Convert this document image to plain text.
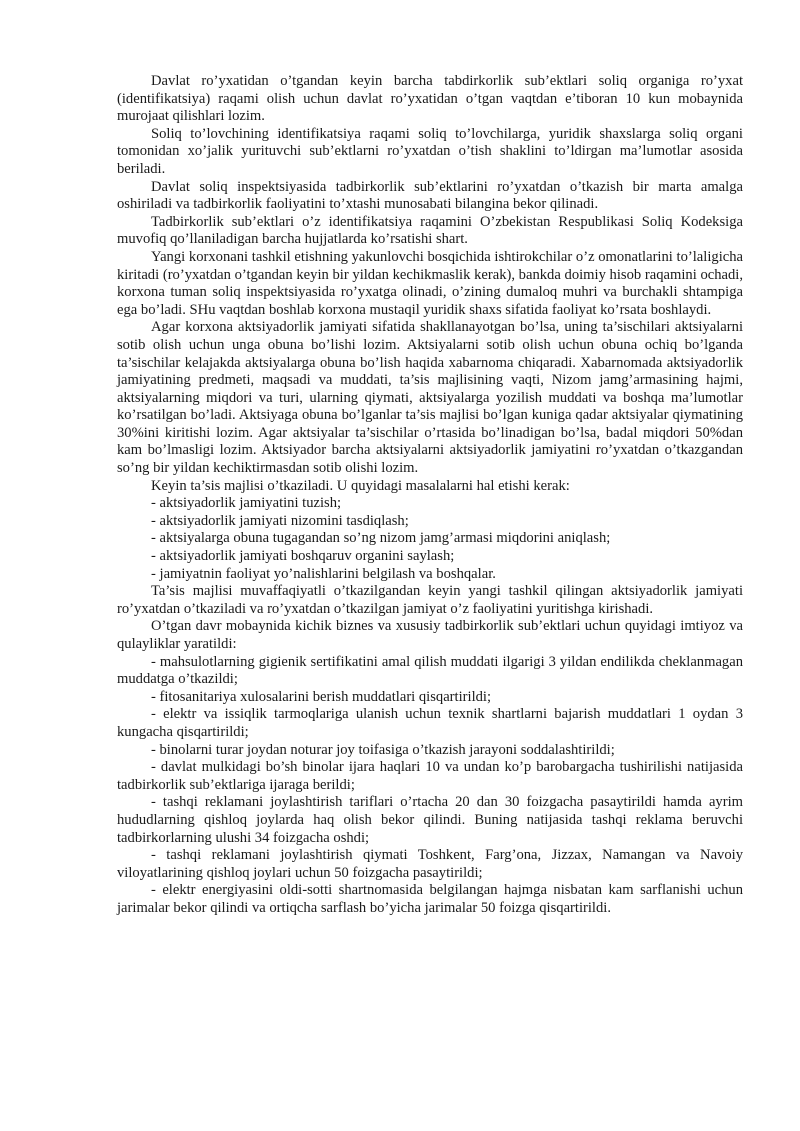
Davlat ro’yxatidan o’tgandan keyin barcha tabdirkorlik sub’ektlari soliq organiga ro’yxat (identifikatsiya) raqami olish uchun davlat ro’yxatidan o’tgan vaqtdan e’tiboran 10 kun mobaynida murojaat qilishlari lozim.

Soliq to’lovchining identifikatsiya raqami soliq to’lovchilarga, yuridik shaxslarga soliq organi tomonidan xo’jalik yurituvchi sub’ektlarni ro’yxatdan o’tish shaklini to’ldirgan ma’lumotlar asosida beriladi.

Davlat soliq inspektsiyasida tadbirkorlik sub’ektlarini ro’yxatdan o’tkazish bir marta amalga oshiriladi va tadbirkorlik faoliyatini to’xtashi munosabati bilangina bekor qilinadi.

Tadbirkorlik sub’ektlari o’z identifikatsiya raqamini O’zbekistan Respublikasi Soliq Kodeksiga muvofiq qo’llaniladigan barcha hujjatlarda ko’rsatishi shart.

Yangi korxonani tashkil etishning yakunlovchi bosqichida ishtirokchilar o’z omonatlarini to’laligicha kiritadi (ro’yxatdan o’tgandan keyin bir yildan kechikmaslik kerak), bankda doimiy hisob raqamini ochadi, korxona tuman soliq inspektsiyasida ro’yxatga olinadi, o’zining dumaloq muhri va burchakli shtampiga ega bo’ladi. SHu vaqtdan boshlab korxona mustaqil yuridik shaxs sifatida faoliyat ko’rsata boshlaydi.

Agar korxona aktsiyadorlik jamiyati sifatida shakllanayotgan bo’lsa, uning ta’sischilari aktsiyalarni sotib olish uchun unga obuna bo’lishi lozim. Aktsiyalarni sotib olish uchun obuna ochiq bo’lganda ta’sischilar kelajakda aktsiyalarga obuna bo’lish haqida xabarnoma chiqaradi. Xabarnomada aktsiyadorlik jamiyatining predmeti, maqsadi va muddati, ta’sis majlisining vaqti, Nizom jamg’armasining hajmi, aktsiyalarning miqdori va turi, ularning qiymati, aktsiyalarga yozilish muddati va boshqa ma’lumotlar ko’rsatilgan bo’ladi. Aktsiyaga obuna bo’lganlar ta’sis majlisi bo’lgan kuniga qadar aktsiyalar qiymatining 30%ini kiritishi lozim. Agar aktsiyalar ta’sischilar o’rtasida bo’linadigan bo’lsa, badal miqdori 50%dan kam bo’lmasligi lozim. Aktsiyador barcha aktsiyalarni aktsiyadorlik jamiyatini ro’yxatdan o’tkazgandan so’ng bir yildan kechiktirmasdan sotib olishi lozim.

Keyin ta’sis majlisi o’tkaziladi. U quyidagi masalalarni hal etishi kerak:

- aktsiyadorlik jamiyatini tuzish;

- aktsiyadorlik jamiyati nizomini tasdiqlash;

- aktsiyalarga obuna tugagandan so’ng nizom jamg’armasi miqdorini aniqlash;

- aktsiyadorlik jamiyati boshqaruv organini saylash;

- jamiyatnin faoliyat yo’nalishlarini belgilash va boshqalar.

Ta’sis majlisi muvaffaqiyatli o’tkazilgandan keyin yangi tashkil qilingan aktsiyadorlik jamiyati ro’yxatdan o’tkaziladi va ro’yxatdan o’tkazilgan jamiyat o’z faoliyatini yuritishga kirishadi.

O’tgan davr mobaynida kichik biznes va xususiy tadbirkorlik sub’ektlari uchun quyidagi imtiyoz va qulayliklar yaratildi:

- mahsulotlarning gigienik sertifikatini amal qilish muddati ilgarigi 3 yildan endilikda cheklanmagan muddatga o’tkazildi;

- fitosanitariya xulosalarini berish muddatlari qisqartirildi;

- elektr va issiqlik tarmoqlariga ulanish uchun texnik shartlarni bajarish muddatlari 1 oydan 3 kungacha qisqartirildi;

- binolarni turar joydan noturar joy toifasiga o’tkazish jarayoni soddalashtirildi;

- davlat mulkidagi bo’sh binolar ijara haqlari 10 va undan ko’p barobargacha tushirilishi natijasida tadbirkorlik sub’ektlariga ijaraga berildi;

- tashqi reklamani joylashtirish tariflari o’rtacha 20 dan 30 foizgacha pasaytirildi hamda ayrim hududlarning qishloq joylarda haq olish bekor qilindi. Buning natijasida tashqi reklama beruvchi tadbirkorlarning ulushi 34 foizgacha oshdi;

- tashqi reklamani joylashtirish qiymati Toshkent, Farg’ona, Jizzax, Namangan va Navoiy viloyatlarining qishloq joylari uchun 50 foizgacha pasaytirildi;

- elektr energiyasini oldi-sotti shartnomasida belgilangan hajmga nisbatan kam sarflanishi uchun jarimalar bekor qilindi va ortiqcha sarflash bo’yicha jarimalar 50 foizga qisqartirildi.
